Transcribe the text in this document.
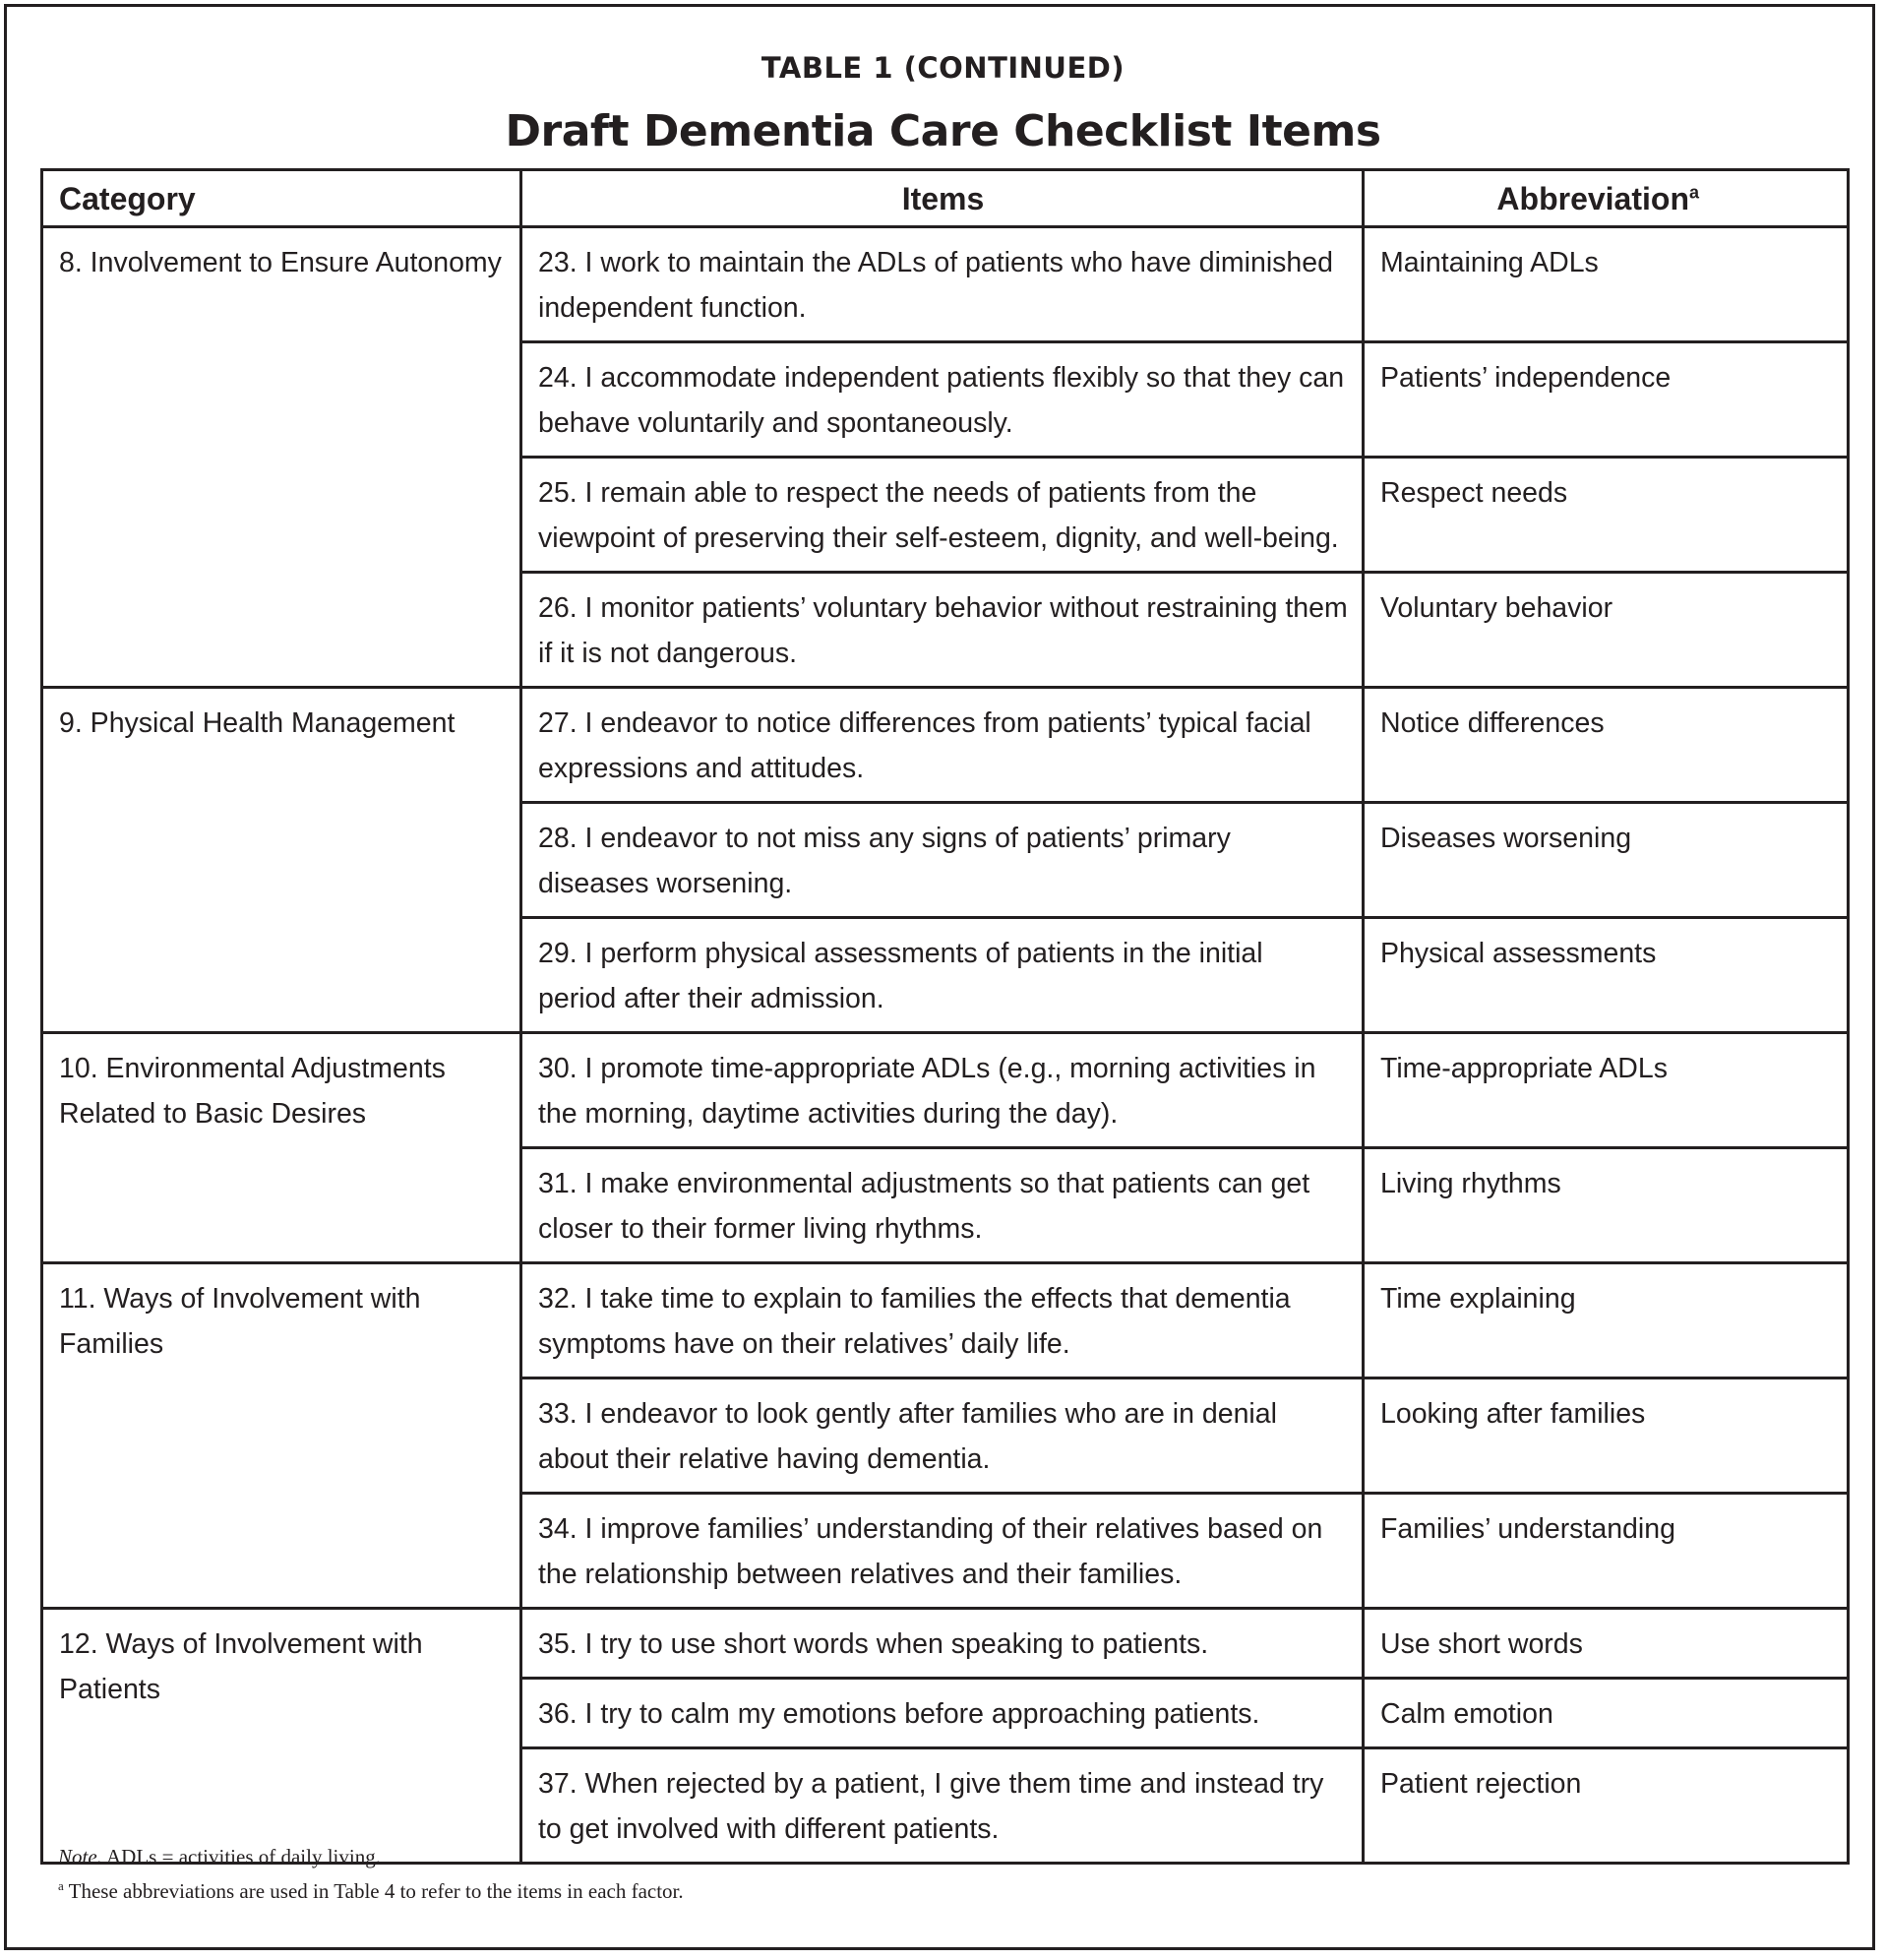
TABLE 1 (CONTINUED)
Draft Dementia Care Checklist Items
Category	Items	Abbreviation$^a$
8. Involvement to Ensure Autonomy	23. I work to maintain the ADLs of patients who have diminished independent function.	Maintaining ADLs
	24. I accommodate independent patients flexibly so that they can behave voluntarily and spontaneously.	Patients’ independence
	25. I remain able to respect the needs of patients from the viewpoint of preserving their self-esteem, dignity, and well-being.	Respect needs
	26. I monitor patients’ voluntary behavior without restraining them if it is not dangerous.	Voluntary behavior
9. Physical Health Management	27. I endeavor to notice differences from patients’ typical facial expressions and attitudes.	Notice differences
	28. I endeavor to not miss any signs of patients’ primary diseases worsening.	Diseases worsening
	29. I perform physical assessments of patients in the initial period after their admission.	Physical assessments
10. Environmental Adjustments Related to Basic Desires	30. I promote time-appropriate ADLs (e.g., morning activities in the morning, daytime activities during the day).	Time-appropriate ADLs
	31. I make environmental adjustments so that patients can get closer to their former living rhythms.	Living rhythms
11. Ways of Involvement with Families	32. I take time to explain to families the effects that dementia symptoms have on their relatives’ daily life.	Time explaining
	33. I endeavor to look gently after families who are in denial about their relative having dementia.	Looking after families
	34. I improve families’ understanding of their relatives based on the relationship between relatives and their families.	Families’ understanding
12. Ways of Involvement with Patients	35. I try to use short words when speaking to patients.	Use short words
	36. I try to calm my emotions before approaching patients.	Calm emotion
	37. When rejected by a patient, I give them time and instead try to get involved with different patients.	Patient rejection
Note. ADLs = activities of daily living.
$^a$ These abbreviations are used in Table 4 to refer to the items in each factor.
